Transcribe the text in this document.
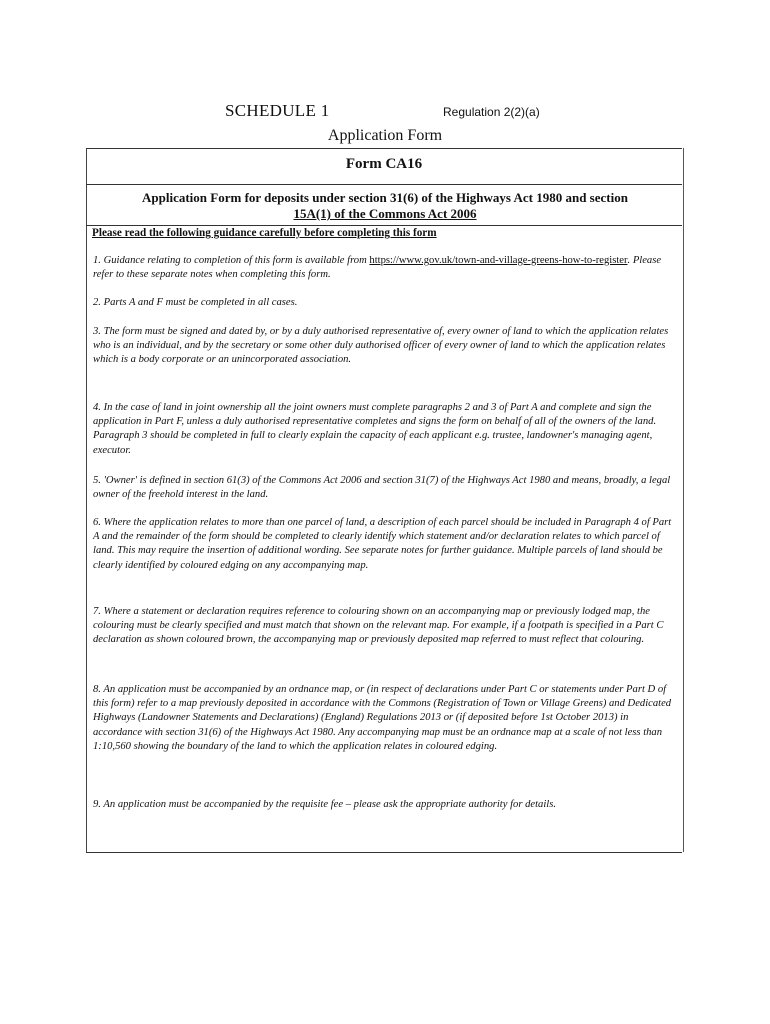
SCHEDULE 1	Regulation 2(2)(a)
Application Form
Form CA16
Application Form for deposits under section 31(6) of the Highways Act 1980 and section
15A(1) of the Commons Act 2006
Please read the following guidance carefully before completing this form

1. Guidance relating to completion of this form is available from https://www.gov.uk/town-and-village-greens-how-to-register. Please refer to these separate notes when completing this form.

2. Parts A and F must be completed in all cases.

3. The form must be signed and dated by, or by a duly authorised representative of, every owner of land to which the application relates who is an individual, and by the secretary or some other duly authorised officer of every owner of land to which the application relates which is a body corporate or an unincorporated association.

4. In the case of land in joint ownership all the joint owners must complete paragraphs 2 and 3 of Part A and complete and sign the application in Part F, unless a duly authorised representative completes and signs the form on behalf of all of the owners of the land. Paragraph 3 should be completed in full to clearly explain the capacity of each applicant e.g. trustee, landowner's managing agent, executor.

5. 'Owner' is defined in section 61(3) of the Commons Act 2006 and section 31(7) of the Highways Act 1980 and means, broadly, a legal owner of the freehold interest in the land.

6. Where the application relates to more than one parcel of land, a description of each parcel should be included in Paragraph 4 of Part A and the remainder of the form should be completed to clearly identify which statement and/or declaration relates to which parcel of land. This may require the insertion of additional wording. See separate notes for further guidance. Multiple parcels of land should be clearly identified by coloured edging on any accompanying map.

7. Where a statement or declaration requires reference to colouring shown on an accompanying map or previously lodged map, the colouring must be clearly specified and must match that shown on the relevant map. For example, if a footpath is specified in a Part C declaration as shown coloured brown, the accompanying map or previously deposited map referred to must reflect that colouring.

8. An application must be accompanied by an ordnance map, or (in respect of declarations under Part C or statements under Part D of this form) refer to a map previously deposited in accordance with the Commons (Registration of Town or Village Greens) and Dedicated Highways (Landowner Statements and Declarations) (England) Regulations 2013 or (if deposited before 1st October 2013) in accordance with section 31(6) of the Highways Act 1980. Any accompanying map must be an ordnance map at a scale of not less than 1:10,560 showing the boundary of the land to which the application relates in coloured edging.

9. An application must be accompanied by the requisite fee – please ask the appropriate authority for details.
